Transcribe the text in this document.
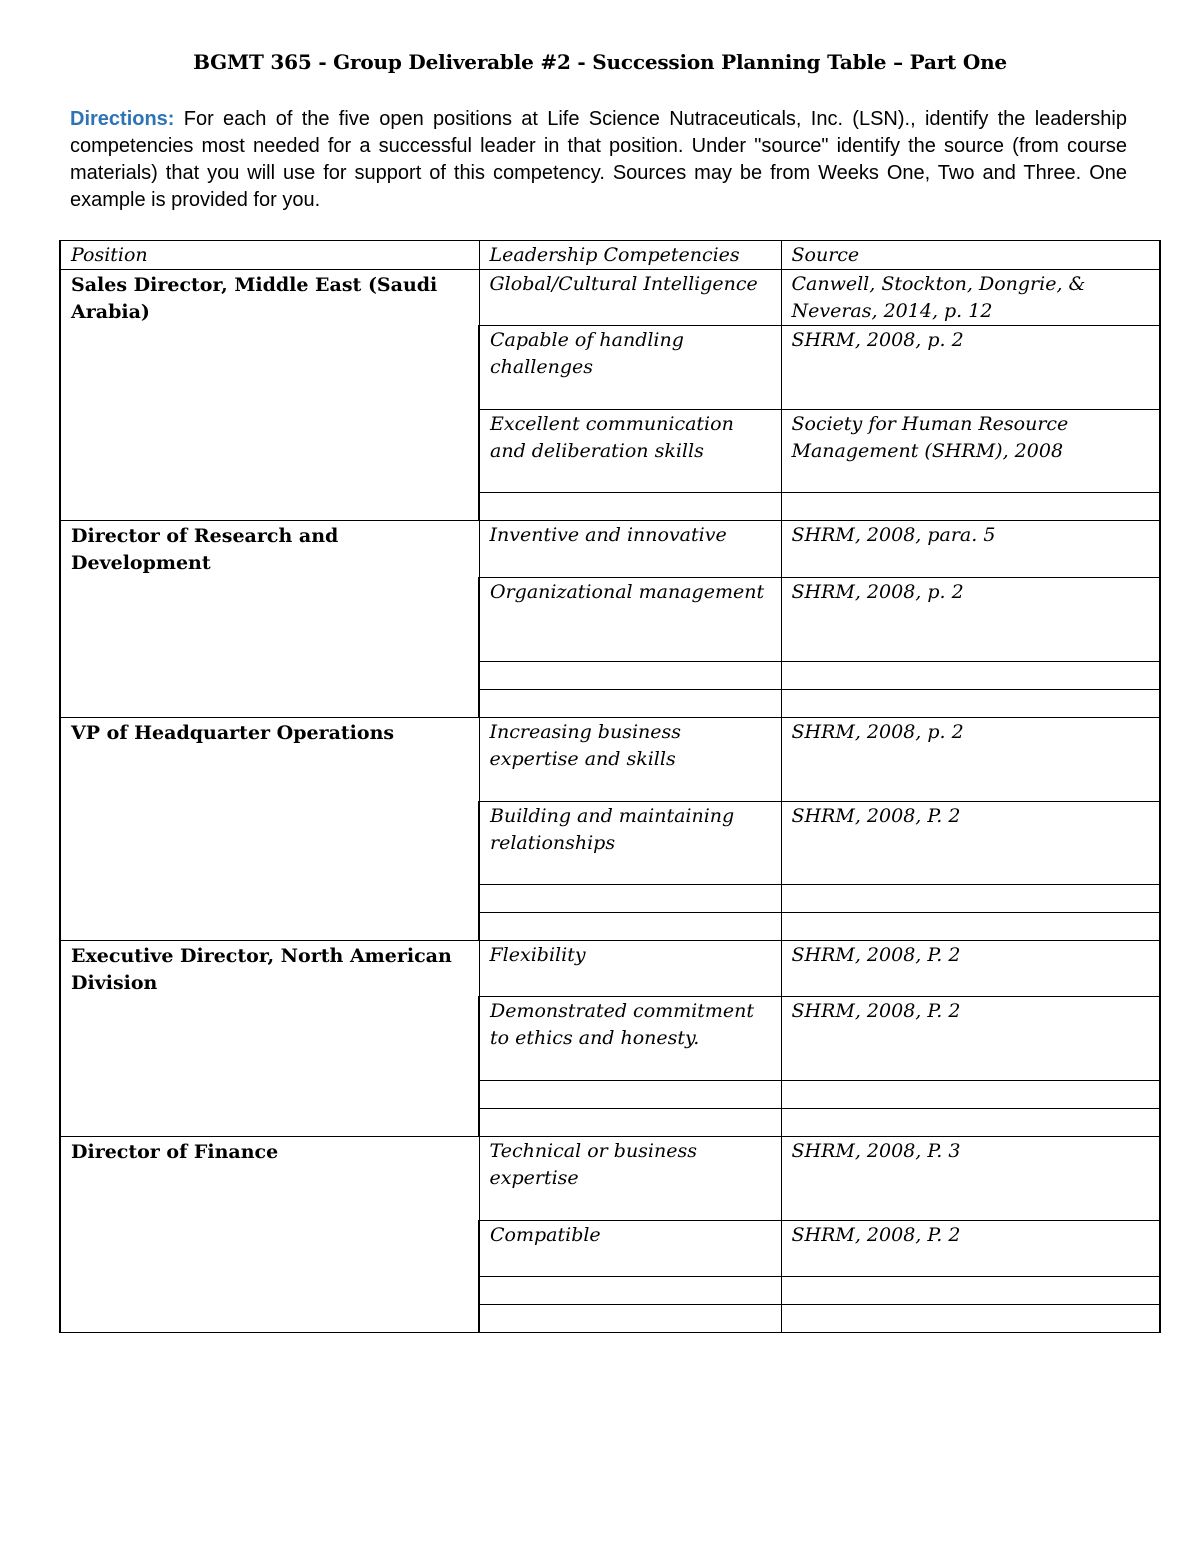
BGMT 365 - Group Deliverable #2 - Succession Planning Table – Part One
Directions: For each of the five open positions at Life Science Nutraceuticals, Inc. (LSN)., identify the leadership competencies most needed for a successful leader in that position. Under "source" identify the source (from course materials) that you will use for support of this competency. Sources may be from Weeks One, Two and Three. One example is provided for you.
Position	Leadership Competencies	Source
Sales Director, Middle East (Saudi Arabia)	Global/Cultural Intelligence	Canwell, Stockton, Dongrie, & Neveras, 2014, p. 12
	Capable of handling challenges	SHRM, 2008, p. 2
	Excellent communication and deliberation skills	Society for Human Resource Management (SHRM), 2008

Director of Research and Development	Inventive and innovative	SHRM, 2008, para. 5
	Organizational management	SHRM, 2008, p. 2

VP of Headquarter Operations	Increasing business expertise and skills	SHRM, 2008, p. 2
	Building and maintaining relationships	SHRM, 2008, P. 2

Executive Director, North American Division	Flexibility	SHRM, 2008, P. 2
	Demonstrated commitment to ethics and honesty.	SHRM, 2008, P. 2

Director of Finance	Technical or business expertise	SHRM, 2008, P. 3
	Compatible	SHRM, 2008, P. 2
